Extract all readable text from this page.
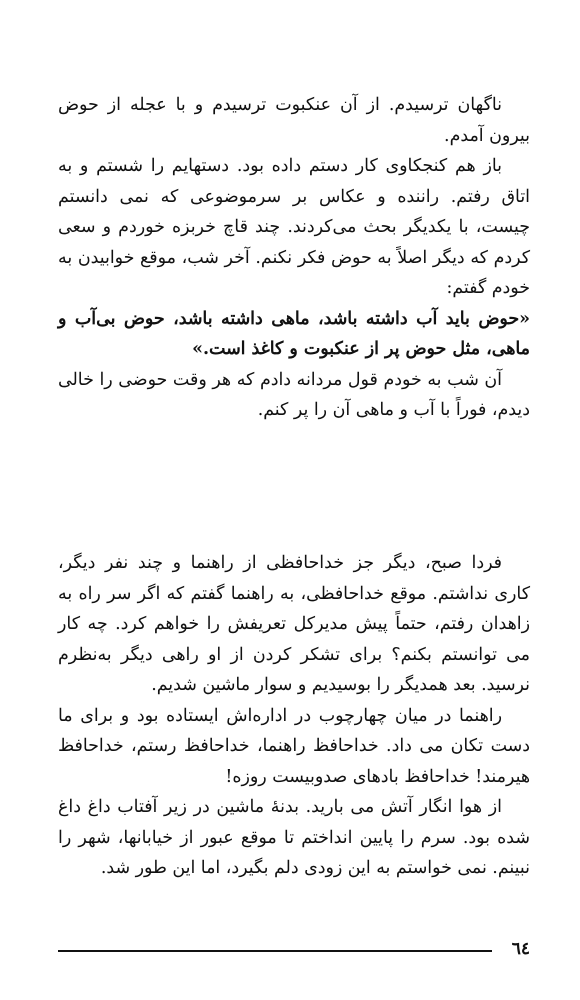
ناگهان ترسیدم. از آن عنکبوت ترسیدم و با عجله از حوض بیرون آمدم.

باز هم کنجکاوی کار دستم داده بود. دستهایم را شستم و به اتاق رفتم. راننده و عکاس بر سرموضوعی که نمی دانستم چیست، با یکدیگر بحث می‌کردند. چند قاچ خربزه خوردم و سعی کردم که دیگر اصلاً به حوض فکر نکنم. آخر شب، موقع خوابیدن به خودم گفتم:

«حوض باید آب داشته باشد، ماهی داشته باشد، حوض بی‌آب و ماهی، مثل حوض پر از عنکبوت و کاغذ است.»

آن شب به خودم قول مردانه دادم که هر وقت حوضی را خالی دیدم، فوراً با آب و ماهی آن را پر کنم.

فردا صبح، دیگر جز خداحافظی از راهنما و چند نفر دیگر، کاری نداشتم. موقع خداحافظی، به راهنما گفتم که اگر سر راه به زاهدان رفتم، حتماً پیش مدیرکل تعریفش را خواهم کرد. چه کار می توانستم بکنم؟ برای تشکر کردن از او راهی دیگر به‌نظرم نرسید. بعد همدیگر را بوسیدیم و سوار ماشین شدیم.

راهنما در میان چهارچوب در اداره‌اش ایستاده بود و برای ما دست تکان می داد. خداحافظ راهنما، خداحافظ رستم، خداحافظ هیرمند! خداحافظ بادهای صدوبیست روزه!

از هوا انگار آتش می بارید. بدنهٔ ماشین در زیر آفتاب داغ داغ شده بود. سرم را پایین انداختم تا موقع عبور از خیابانها، شهر را نبینم. نمی خواستم به این زودی دلم بگیرد، اما این طور شد.

٦٤
